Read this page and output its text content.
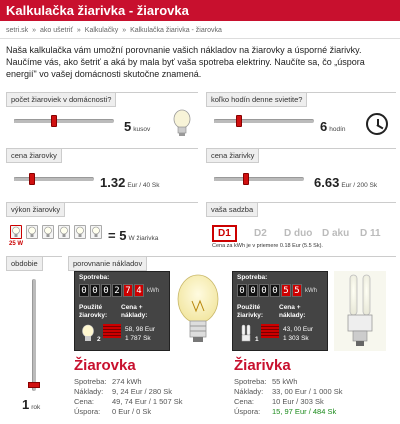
Kalkulačka žiarivka - žiarovka
setri.sk » ako ušetriť » Kalkulačky » Kalkulačka žiarivka - žiarovka

Naša kalkulačka vám umožní porovnanie vašich nákladov na žiarovky a úsporné žiarivky. Naučíme vás, ako šetriť a aká by mala byť vaša spotreba elektriny. Naučíte sa, čo „úspora energií" vo vašej domácnosti skutočne znamená.

počet žiaroviek v domácnosti?
5 kusov
koľko hodín denne svietite?
6 hodín
cena žiarovky
1.32 Eur / 40 Sk
cena žiarivky
6.63 Eur / 200 Sk
výkon žiarovky
25 W
= 5 W žiarivka
vaša sadzba
D1	D2	D duo D aku	D 11
Cena za kWh je v priemere 0.18 Eur (5.5 Sk).
obdobie
1 rok
porovnanie nákladov
Spotreba:
0 0 0 2 7 4 kWh
Použité žiarovky:
Cena + náklady:
2
58, 98 Eur
1 787 Sk
Spotreba:
0 0 0 0 5 5 kWh
Použité žiarivky:
Cena + náklady:
1
43, 00 Eur
1 303 Sk
Žiarovka
Spotreba: 274 kWh
Náklady: 9, 24 Eur / 280 Sk
Cena: 49, 74 Eur / 1 507 Sk
Úspora: 0 Eur / 0 Sk
Žiarivka
Spotreba: 55 kWh
Náklady: 33, 00 Eur / 1 000 Sk
Cena: 10 Eur / 303 Sk
Úspora: 15, 97 Eur / 484 Sk
